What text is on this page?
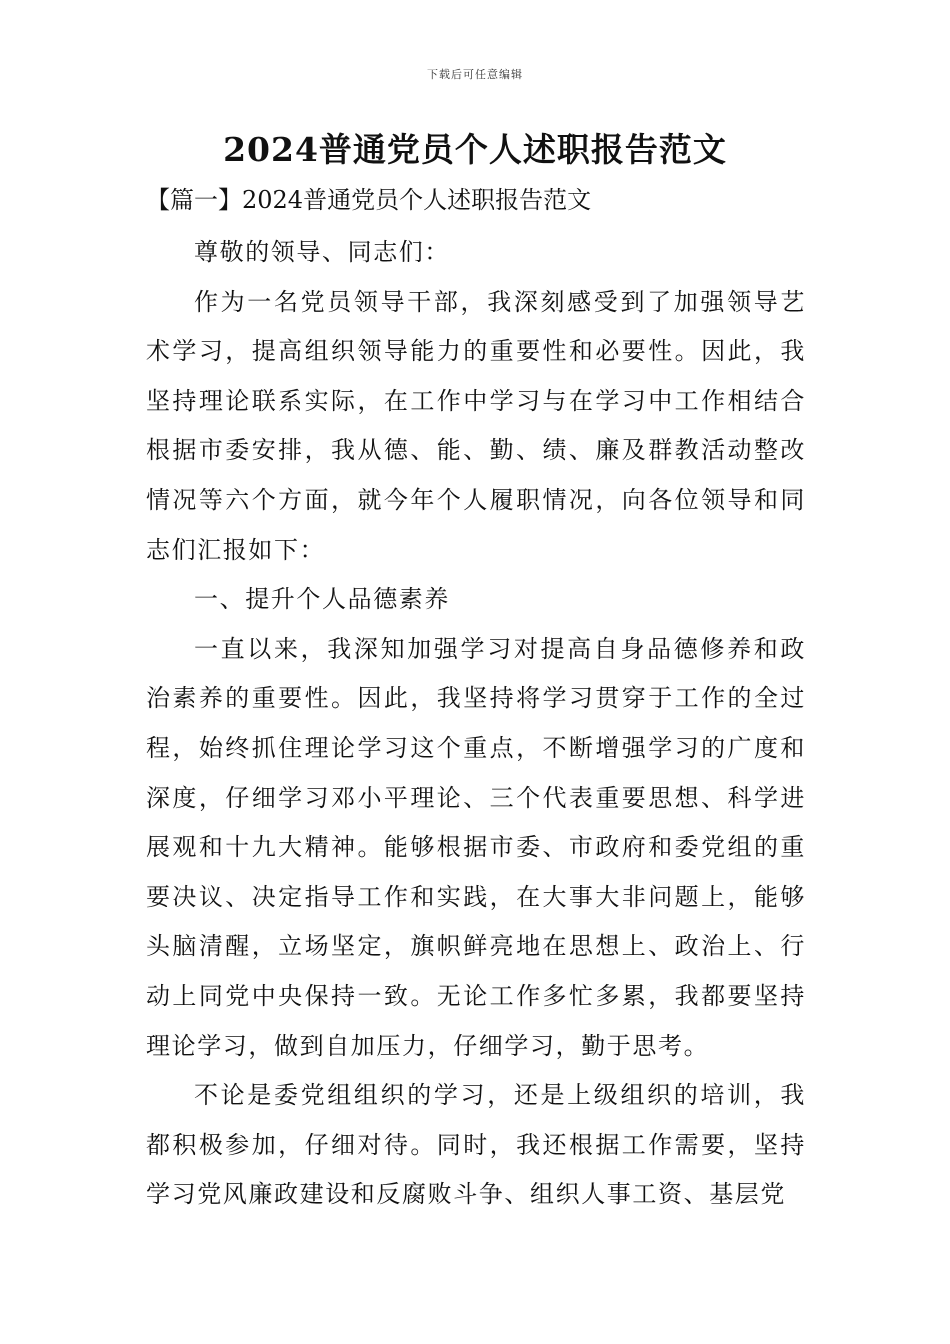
下载后可任意编辑
2024普通党员个人述职报告范文
【篇一】2024普通党员个人述职报告范文

尊敬的领导、同志们：

作为一名党员领导干部，我深刻感受到了加强领导艺术学习，提高组织领导能力的重要性和必要性。因此，我坚持理论联系实际，在工作中学习与在学习中工作相结合根据市委安排，我从德、能、勤、绩、廉及群教活动整改情况等六个方面，就今年个人履职情况，向各位领导和同志们汇报如下：

一、提升个人品德素养

一直以来，我深知加强学习对提高自身品德修养和政治素养的重要性。因此，我坚持将学习贯穿于工作的全过程，始终抓住理论学习这个重点，不断增强学习的广度和深度，仔细学习邓小平理论、三个代表重要思想、科学进展观和十九大精神。能够根据市委、市政府和委党组的重要决议、决定指导工作和实践，在大事大非问题上，能够头脑清醒，立场坚定，旗帜鲜亮地在思想上、政治上、行动上同党中央保持一致。无论工作多忙多累，我都要坚持理论学习，做到自加压力，仔细学习，勤于思考。

不论是委党组组织的学习，还是上级组织的培训，我都积极参加，仔细对待。同时，我还根据工作需要，坚持学习党风廉政建设和反腐败斗争、组织人事工资、基层党
